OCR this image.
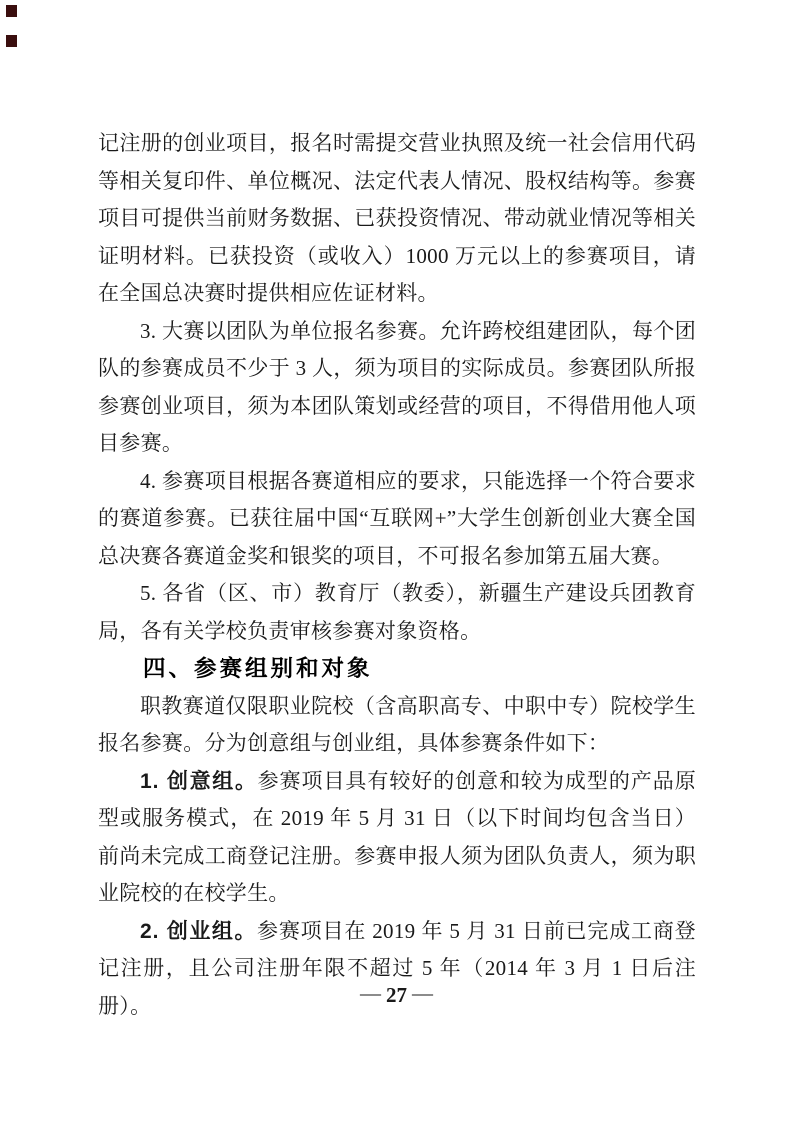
记注册的创业项目，报名时需提交营业执照及统一社会信用代码等相关复印件、单位概况、法定代表人情况、股权结构等。参赛项目可提供当前财务数据、已获投资情况、带动就业情况等相关证明材料。已获投资（或收入）1000 万元以上的参赛项目，请在全国总决赛时提供相应佐证材料。

3. 大赛以团队为单位报名参赛。允许跨校组建团队，每个团队的参赛成员不少于 3 人，须为项目的实际成员。参赛团队所报参赛创业项目，须为本团队策划或经营的项目，不得借用他人项目参赛。

4. 参赛项目根据各赛道相应的要求，只能选择一个符合要求的赛道参赛。已获往届中国“互联网+”大学生创新创业大赛全国总决赛各赛道金奖和银奖的项目，不可报名参加第五届大赛。

5. 各省（区、市）教育厅（教委），新疆生产建设兵团教育局，各有关学校负责审核参赛对象资格。

四、参赛组别和对象

职教赛道仅限职业院校（含高职高专、中职中专）院校学生报名参赛。分为创意组与创业组，具体参赛条件如下：

1. 创意组。参赛项目具有较好的创意和较为成型的产品原型或服务模式，在 2019 年 5 月 31 日（以下时间均包含当日）前尚未完成工商登记注册。参赛申报人须为团队负责人，须为职业院校的在校学生。

2. 创业组。参赛项目在 2019 年 5 月 31 日前已完成工商登记注册，且公司注册年限不超过 5 年（2014 年 3 月 1 日后注册）。

— 27 —
